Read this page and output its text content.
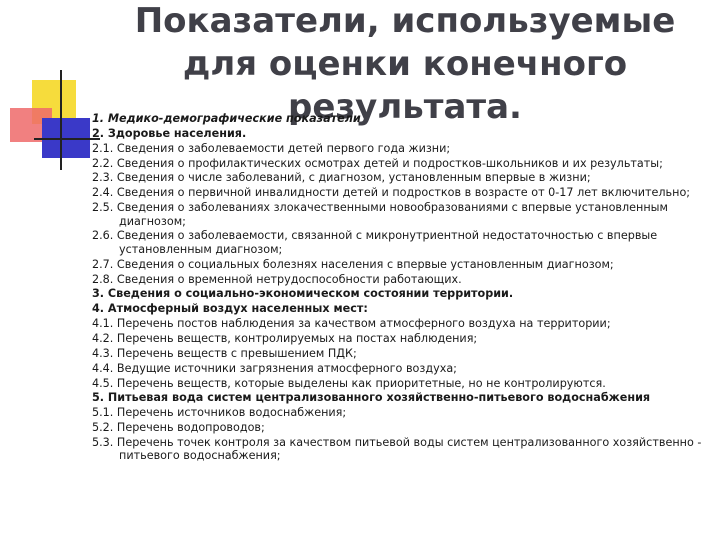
Показатели, используемые для оценки конечного результата.
1. Медико-демографические показатели
2. Здоровье населения.
2.1. Сведения о заболеваемости детей первого года жизни;
2.2. Сведения о профилактических осмотрах детей и подростков-школьников и их результаты;
2.3. Сведения о числе заболеваний, с диагнозом, установленным впервые в жизни;
2.4. Сведения о первичной инвалидности детей и подростков в возрасте от 0-17 лет включительно;
2.5. Сведения о заболеваниях злокачественными новообразованиями с впервые установленным диагнозом;
2.6. Сведения о заболеваемости, связанной с микронутриентной недостаточностью с впервые установленным диагнозом;
2.7. Сведения о социальных болезнях населения с впервые установленным диагнозом;
2.8. Сведения о временной нетрудоспособности работающих.
3. Сведения о социально-экономическом состоянии территории.
4. Атмосферный воздух населенных мест:
4.1. Перечень постов наблюдения за качеством атмосферного воздуха на территории;
4.2. Перечень веществ, контролируемых на постах наблюдения;
4.3. Перечень веществ с превышением ПДК;
4.4. Ведущие источники загрязнения атмосферного воздуха;
4.5. Перечень веществ, которые выделены как приоритетные, но не контролируются.
5. Питьевая вода систем централизованного хозяйственно-питьевого водоснабжения
5.1. Перечень источников водоснабжения;
5.2. Перечень водопроводов;
5.3. Перечень точек контроля за качеством питьевой воды систем централизованного хозяйственно - питьевого водоснабжения;
